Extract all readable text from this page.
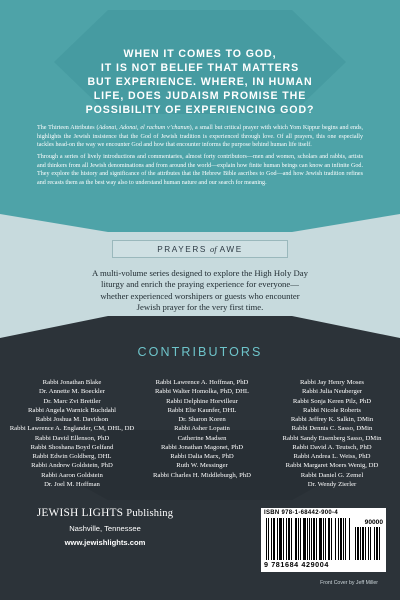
WHEN IT COMES TO GOD,
IT IS NOT BELIEF THAT MATTERS
BUT EXPERIENCE. WHERE, IN HUMAN
LIFE, DOES JUDAISM PROMISE THE
POSSIBILITY OF EXPERIENCING GOD?

The Thirteen Attributes (Adonai, Adonai, el rachum v’chanun), a small but critical prayer with which Yom Kippur begins and ends, highlights the Jewish insistence that the God of Jewish tradition is experienced through love. Of all prayers, this one especially tackles head-on the way we encounter God and how that encounter informs the purpose behind human life itself.

Through a series of lively introductions and commentaries, almost forty contributors—men and women, scholars and rabbis, artists and thinkers from all Jewish denominations and from around the world—explain how finite human beings can know an infinite God. They explore the history and significance of the attributes that the Hebrew Bible ascribes to God—and how Jewish tradition refines and recasts them as the best way also to understand human nature and our search for meaning.

PRAYERS of AWE

A multi-volume series designed to explore the High Holy Day liturgy and enrich the praying experience for everyone—whether experienced worshipers or guests who encounter Jewish prayer for the very first time.

CONTRIBUTORS
Rabbi Jonathan Blake
Dr. Annette M. Boeckler
Dr. Marc Zvi Brettler
Rabbi Angela Warnick Buchdahl
Rabbi Joshua M. Davidson
Rabbi Lawrence A. Englander, CM, DHL, DD
Rabbi David Ellenson, PhD
Rabbi Shoshana Boyd Gelfand
Rabbi Edwin Goldberg, DHL
Rabbi Andrew Goldstein, PhD
Rabbi Aaron Goldstein
Dr. Joel M. Hoffman
Rabbi Lawrence A. Hoffman, PhD
Rabbi Walter Homolka, PhD, DHL
Rabbi Delphine Horvilleur
Rabbi Elie Kaunfer, DHL
Dr. Sharon Koren
Rabbi Asher Lopatin
Catherine Madsen
Rabbi Jonathan Magonet, PhD
Rabbi Dalia Marx, PhD
Ruth W. Messinger
Rabbi Charles H. Middleburgh, PhD
Rabbi Jay Henry Moses
Rabbi Julia Neuberger
Rabbi Sonja Keren Pilz, PhD
Rabbi Nicole Roberts
Rabbi Jeffrey K. Salkin, DMin
Rabbi Dennis C. Sasso, DMin
Rabbi Sandy Eisenberg Sasso, DMin
Rabbi David A. Teutsch, PhD
Rabbi Andrea L. Weiss, PhD
Rabbi Margaret Moers Wenig, DD
Rabbi Daniel G. Zemel
Dr. Wendy Zierler
JEWISH LIGHTS Publishing
Nashville, Tennessee
www.jewishlights.com
ISBN 978-1-68442-900-4
90000
9 781684 429004
Front Cover by Jeff Miller
